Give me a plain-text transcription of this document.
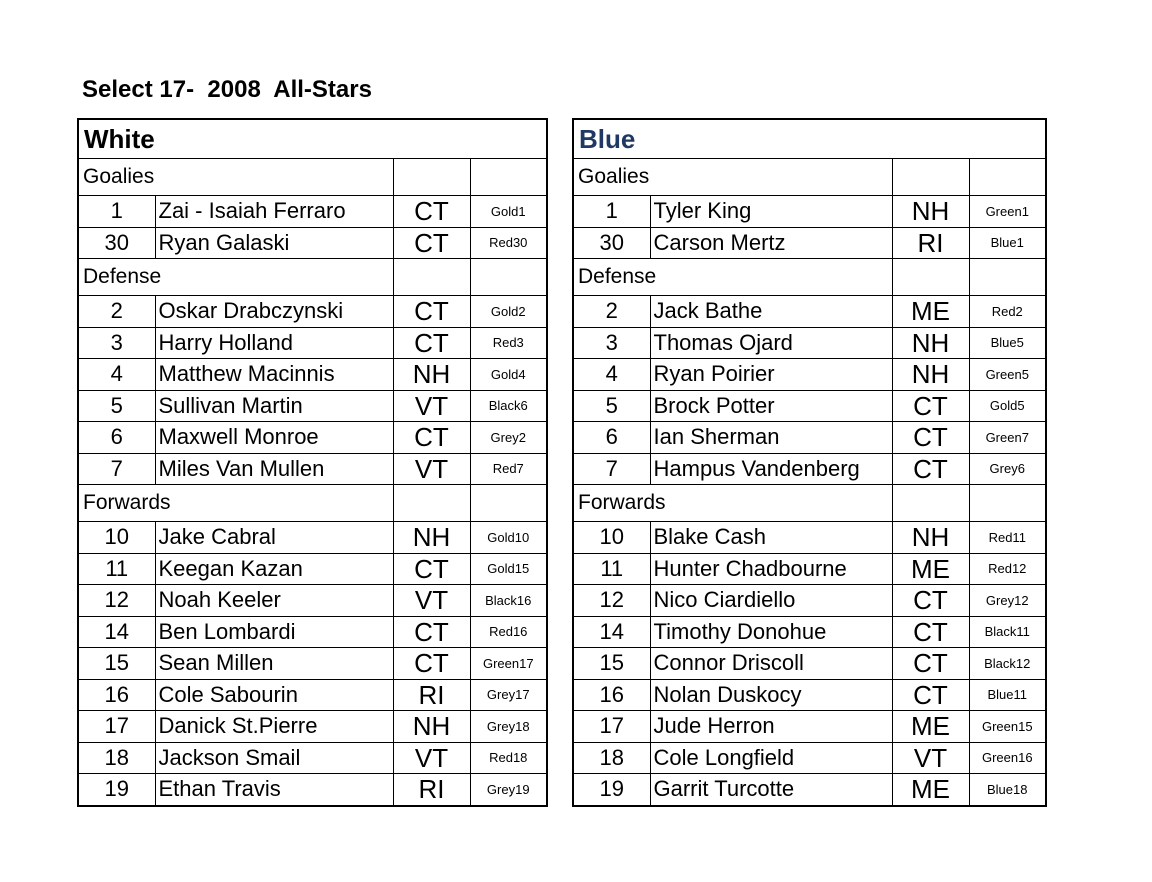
Select 17-  2008  All-Stars
White			
Goalies			
1	Zai - Isaiah Ferraro	CT	Gold1
30	Ryan Galaski	CT	Red30
Defense			
2	Oskar Drabczynski	CT	Gold2
3	Harry Holland	CT	Red3
4	Matthew Macinnis	NH	Gold4
5	Sullivan Martin	VT	Black6
6	Maxwell Monroe	CT	Grey2
7	Miles Van Mullen	VT	Red7
Forwards			
10	Jake Cabral	NH	Gold10
11	Keegan Kazan	CT	Gold15
12	Noah Keeler	VT	Black16
14	Ben Lombardi	CT	Red16
15	Sean Millen	CT	Green17
16	Cole Sabourin	RI	Grey17
17	Danick St.Pierre	NH	Grey18
18	Jackson Smail	VT	Red18
19	Ethan Travis	RI	Grey19
Blue			
Goalies			
1	Tyler King	NH	Green1
30	Carson Mertz	RI	Blue1
Defense			
2	Jack Bathe	ME	Red2
3	Thomas Ojard	NH	Blue5
4	Ryan Poirier	NH	Green5
5	Brock Potter	CT	Gold5
6	Ian Sherman	CT	Green7
7	Hampus Vandenberg	CT	Grey6
Forwards			
10	Blake Cash	NH	Red11
11	Hunter Chadbourne	ME	Red12
12	Nico Ciardiello	CT	Grey12
14	Timothy Donohue	CT	Black11
15	Connor Driscoll	CT	Black12
16	Nolan Duskocy	CT	Blue11
17	Jude Herron	ME	Green15
18	Cole Longfield	VT	Green16
19	Garrit Turcotte	ME	Blue18
